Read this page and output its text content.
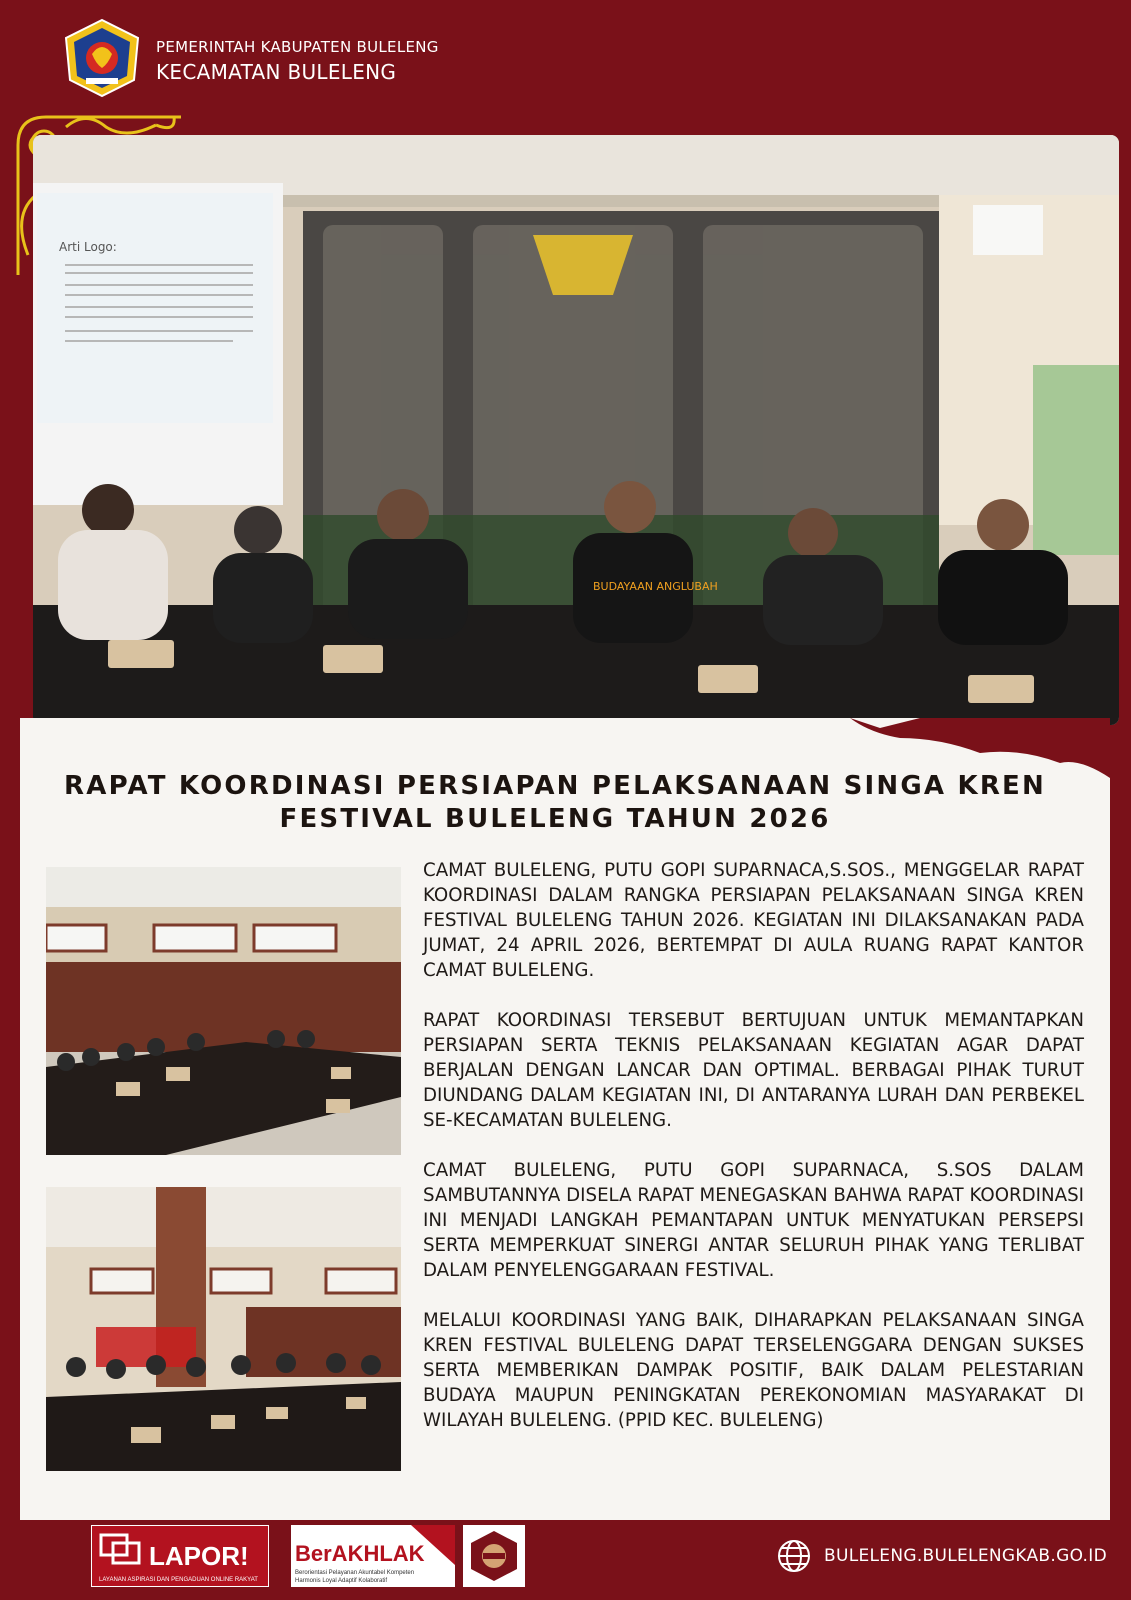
PEMERINTAH KABUPATEN BULELENG
KECAMATAN BULELENG
Arti Logo:
BUDAYAAN ANGLUBAH
RAPAT KOORDINASI PERSIAPAN PELAKSANAAN SINGA KREN
FESTIVAL BULELENG TAHUN 2026

CAMAT BULELENG, PUTU GOPI SUPARNACA,S.SOS., MENGGELAR RAPAT KOORDINASI DALAM RANGKA PERSIAPAN PELAKSANAAN SINGA KREN FESTIVAL BULELENG TAHUN 2026. KEGIATAN INI DILAKSANAKAN PADA JUMAT, 24 APRIL 2026, BERTEMPAT DI AULA RUANG RAPAT KANTOR CAMAT BULELENG.

RAPAT KOORDINASI TERSEBUT BERTUJUAN UNTUK MEMANTAPKAN PERSIAPAN SERTA TEKNIS PELAKSANAAN KEGIATAN AGAR DAPAT BERJALAN DENGAN LANCAR DAN OPTIMAL. BERBAGAI PIHAK TURUT DIUNDANG DALAM KEGIATAN INI, DI ANTARANYA LURAH DAN PERBEKEL SE-KECAMATAN BULELENG.

CAMAT BULELENG, PUTU GOPI SUPARNACA, S.SOS DALAM SAMBUTANNYA DISELA RAPAT MENEGASKAN BAHWA RAPAT KOORDINASI INI MENJADI LANGKAH PEMANTAPAN UNTUK MENYATUKAN PERSEPSI SERTA MEMPERKUAT SINERGI ANTAR SELURUH PIHAK YANG TERLIBAT DALAM PENYELENGGARAAN FESTIVAL.

MELALUI KOORDINASI YANG BAIK, DIHARAPKAN PELAKSANAAN SINGA KREN FESTIVAL BULELENG DAPAT TERSELENGGARA DENGAN SUKSES SERTA MEMBERIKAN DAMPAK POSITIF, BAIK DALAM PELESTARIAN BUDAYA MAUPUN PENINGKATAN PEREKONOMIAN MASYARAKAT DI WILAYAH BULELENG. (PPID KEC. BULELENG)

LAPOR!
LAYANAN ASPIRASI DAN PENGADUAN ONLINE RAKYAT
BerAKHLAK
Berorientasi Pelayanan Akuntabel Kompeten
Harmonis Loyal Adaptif Kolaboratif
BULELENG.BULELENGKAB.GO.ID
